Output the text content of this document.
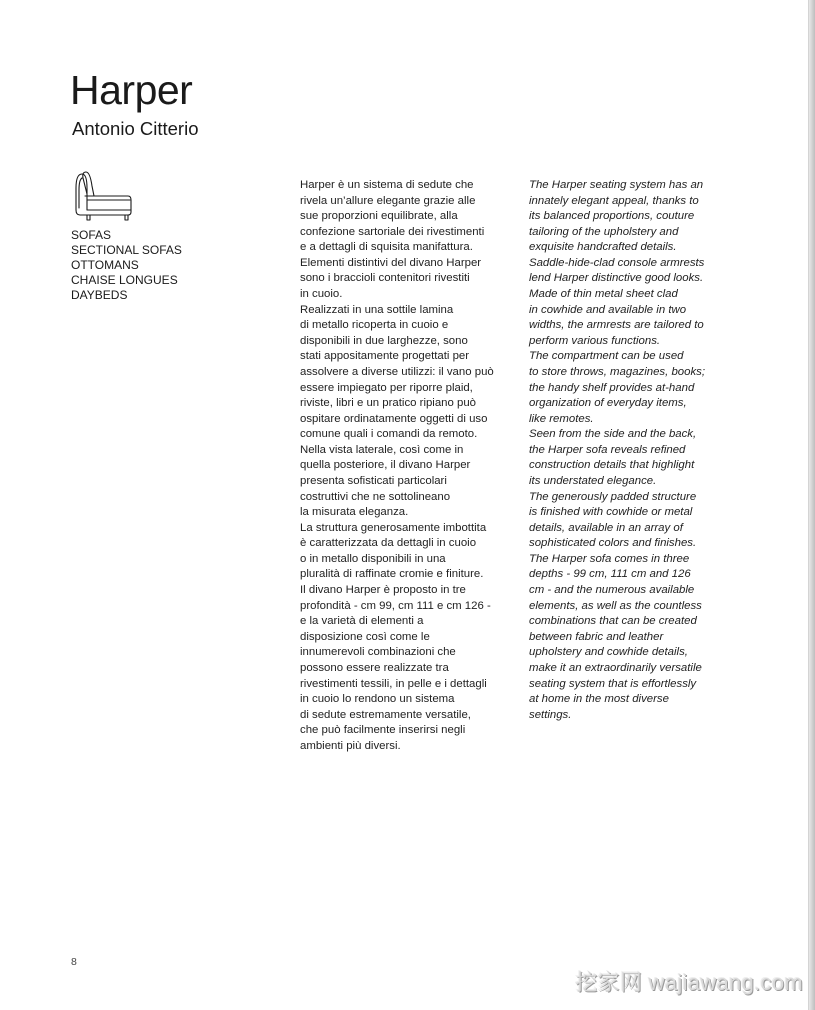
Harper
Antonio Citterio
SOFAS
SECTIONAL SOFAS
OTTOMANS
CHAISE LONGUES
DAYBEDS

Harper è un sistema di sedute che
rivela un’allure elegante grazie alle
sue proporzioni equilibrate, alla
confezione sartoriale dei rivestimenti
e a dettagli di squisita manifattura.
Elementi distintivi del divano Harper
sono i braccioli contenitori rivestiti
in cuoio.
Realizzati in una sottile lamina
di metallo ricoperta in cuoio e
disponibili in due larghezze, sono
stati appositamente progettati per
assolvere a diverse utilizzi: il vano può
essere impiegato per riporre plaid,
riviste, libri e un pratico ripiano può
ospitare ordinatamente oggetti di uso
comune quali i comandi da remoto.
Nella vista laterale, così come in
quella posteriore, il divano Harper
presenta sofisticati particolari
costruttivi che ne sottolineano
la misurata eleganza.
La struttura generosamente imbottita
è caratterizzata da dettagli in cuoio
o in metallo disponibili in una
pluralità di raffinate cromie e finiture.
Il divano Harper è proposto in tre
profondità - cm 99, cm 111 e cm 126 -
e la varietà di elementi a
disposizione così come le
innumerevoli combinazioni che
possono essere realizzate tra
rivestimenti tessili, in pelle e i dettagli
in cuoio lo rendono un sistema
di sedute estremamente versatile,
che può facilmente inserirsi negli
ambienti più diversi.

The Harper seating system has an
innately elegant appeal, thanks to
its balanced proportions, couture
tailoring of the upholstery and
exquisite handcrafted details.
Saddle-hide-clad console armrests
lend Harper distinctive good looks.
Made of thin metal sheet clad
in cowhide and available in two
widths, the armrests are tailored to
perform various functions.
The compartment can be used
to store throws, magazines, books;
the handy shelf provides at-hand
organization of everyday items,
like remotes.
Seen from the side and the back,
the Harper sofa reveals refined
construction details that highlight
its understated elegance.
The generously padded structure
is finished with cowhide or metal
details, available in an array of
sophisticated colors and finishes.
The Harper sofa comes in three
depths - 99 cm, 111 cm and 126
cm - and the numerous available
elements, as well as the countless
combinations that can be created
between fabric and leather
upholstery and cowhide details,
make it an extraordinarily versatile
seating system that is effortlessly
at home in the most diverse
settings.

8
挖家网 wajiawang.com
